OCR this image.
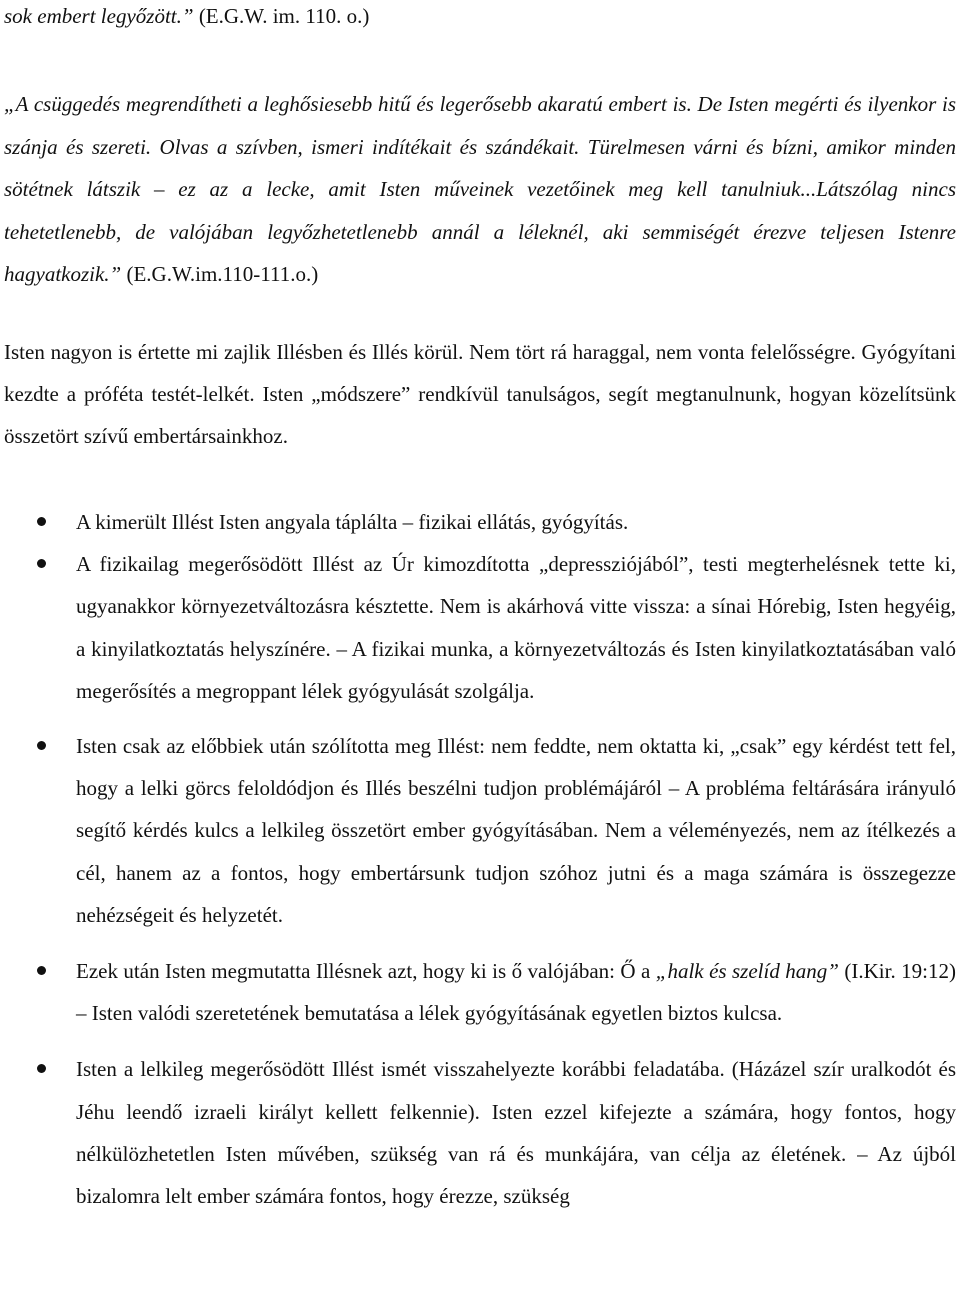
sok embert legyőzött.” (E.G.W. im. 110. o.)

„A csüggedés megrendítheti a leghősiesebb hitű és legerősebb akaratú embert is. De Isten megérti és ilyenkor is szánja és szereti. Olvas a szívben, ismeri indítékait és szándékait. Türelmesen várni és bízni, amikor minden sötétnek látszik – ez az a lecke, amit Isten műveinek vezetőinek meg kell tanulniuk...Látszólag nincs tehetetlenebb, de valójában legyőzhetetlenebb annál a léleknél, aki semmiségét érezve teljesen Istenre hagyatkozik.” (E.G.W.im.110-111.o.)

Isten nagyon is értette mi zajlik Illésben és Illés körül. Nem tört rá haraggal, nem vonta felelősségre. Gyógyítani kezdte a próféta testét-lelkét. Isten „módszere” rendkívül tanulságos, segít megtanulnunk, hogyan közelítsünk összetört szívű embertársainkhoz.

A kimerült Illést Isten angyala táplálta – fizikai ellátás, gyógyítás.
A fizikailag megerősödött Illést az Úr kimozdította „depressziójából”, testi megterhelésnek tette ki, ugyanakkor környezetváltozásra késztette. Nem is akárhová vitte vissza: a sínai Hórebig, Isten hegyéig, a kinyilatkoztatás helyszínére. – A fizikai munka, a környezetváltozás és Isten kinyilatkoztatásában való megerősítés a megroppant lélek gyógyulását szolgálja.
Isten csak az előbbiek után szólította meg Illést: nem feddte, nem oktatta ki, „csak” egy kérdést tett fel, hogy a lelki görcs feloldódjon és Illés beszélni tudjon problémájáról – A probléma feltárására irányuló segítő kérdés kulcs a lelkileg összetört ember gyógyításában. Nem a véleményezés, nem az ítélkezés a cél, hanem az a fontos, hogy embertársunk tudjon szóhoz jutni és a maga számára is összegezze nehézségeit és helyzetét.
Ezek után Isten megmutatta Illésnek azt, hogy ki is ő valójában: Ő a „halk és szelíd hang” (I.Kir. 19:12) – Isten valódi szeretetének bemutatása a lélek gyógyításának egyetlen biztos kulcsa.
Isten a lelkileg megerősödött Illést ismét visszahelyezte korábbi feladatába. (Házázel szír uralkodót és Jéhu leendő izraeli királyt kellett felkennie). Isten ezzel kifejezte a számára, hogy fontos, hogy nélkülözhetetlen Isten művében, szükség van rá és munkájára, van célja az életének. – Az újból bizalomra lelt ember számára fontos, hogy érezze, szükség
